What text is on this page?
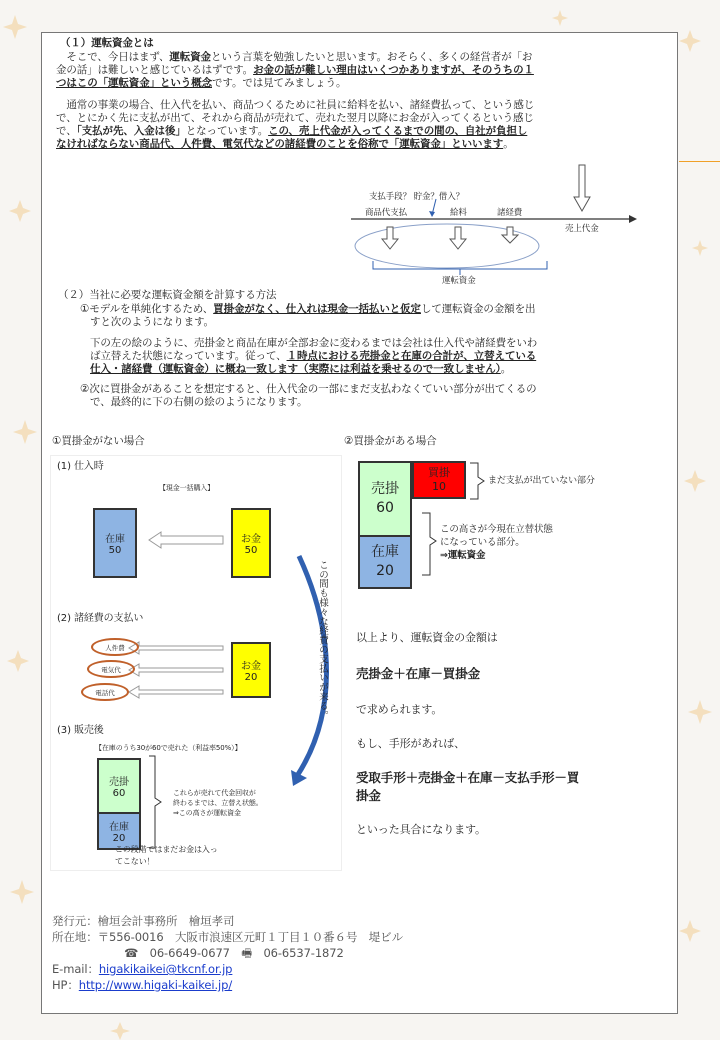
（１）運転資金とは
　そこで、今日はまず、運転資金という言葉を勉強したいと思います。おそらく、多くの経営者が「お
金の話」は難しいと感じているはずです。お金の話が難しい理由はいくつかありますが、そのうちの１
つはこの「運転資金」という概念です。では見てみましょう。
　通常の事業の場合、仕入代を払い、商品つくるために社員に給料を払い、諸経費払って、という感じ
で、とにかく先に支払が出て、それから商品が売れて、売れた翌月以降にお金が入ってくるという感じ
で、「支払が先、入金は後」となっています。この、売上代金が入ってくるまでの間の、自社が負担し
なければならない商品代、人件費、電気代などの諸経費のことを俗称で「運転資金」といいます。
支払手段？ 貯金？借入？
商品代支払	給料	諸経費
売上代金
運転資金
（２）当社に必要な運転資金額を計算する方法
①モデルを単純化するため、買掛金がなく、仕入れは現金一括払いと仮定して運転資金の金額を出
すと次のようになります。
下の左の絵のように、売掛金と商品在庫が全部お金に変わるまでは会社は仕入代や諸経費をいわ
ば立替えた状態になっています。従って、１時点における売掛金と在庫の合計が、立替えている
仕入・諸経費（運転資金）に概ね一致します（実際には利益を乗せるので一致しません）。
②次に買掛金があることを想定すると、仕入代金の一部にまだ支払わなくていい部分が出てくるの
で、最終的に下の右側の絵のようになります。
①買掛金がない場合	②買掛金がある場合
(1) 仕入時
【現金一括購入】
在庫
50
お金
50
(2) 諸経費の支払い
人件費
電気代
電話代
お金
20	この間も様々な経費の支払いが来る。
(3) 販売後
【在庫のうち30が60で売れた（利益率50%）】
売掛
60
在庫
20
これらが売れて代金回収が
終わるまでは、立替え状態。
⇒この高さが運転資金
この段階ではまだお金は入っ
てこない！
売掛
60
買掛
10
在庫
20
まだ支払が出ていない部分
この高さが今現在立替状態
になっている部分。
⇒運転資金
以上より、運転資金の金額は
売掛金＋在庫－買掛金
で求められます。
もし、手形があれば、
受取手形＋売掛金＋在庫－支払手形－買
掛金
といった具合になります。
発行元：檜垣会計事務所　檜垣孝司
所在地：〒556-0016　大阪市浪速区元町１丁目１０番６号　堤ビル
☎　06-6649-0677　🖷　06-6537-1872
E-mail：higakikaikei@tkcnf.or.jp
HP：http://www.higaki-kaikei.jp/
